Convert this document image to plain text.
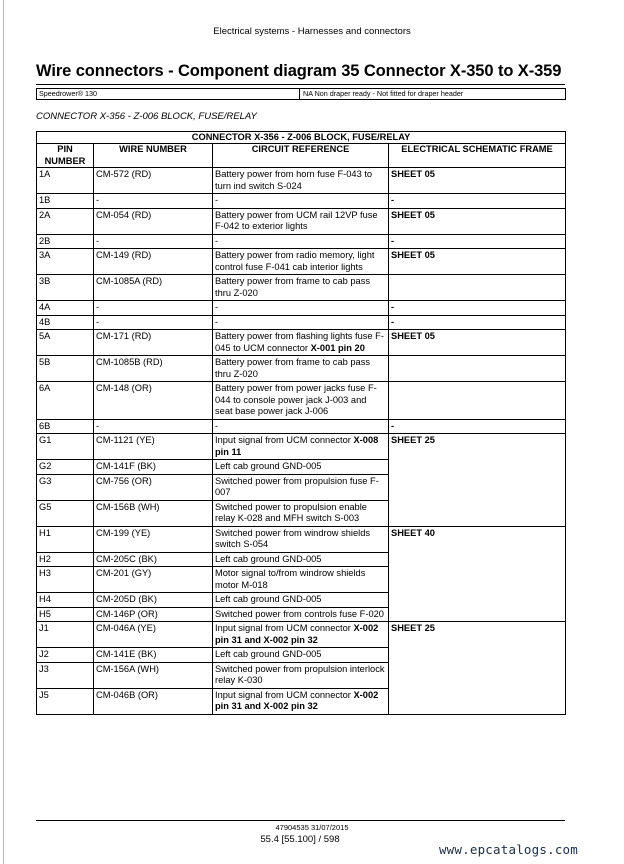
Electrical systems - Harnesses and connectors
Wire connectors - Component diagram 35 Connector X-350 to X-359
Speedrower® 130	NA Non draper ready - Not fitted for draper header
CONNECTOR X-356 - Z-006 BLOCK, FUSE/RELAY
CONNECTOR X-356 - Z-006 BLOCK, FUSE/RELAY			
PIN NUMBER	WIRE NUMBER	CIRCUIT REFERENCE	ELECTRICAL SCHEMATIC FRAME
1A	CM-572 (RD)	Battery power from horn fuse F-043 to turn ind switch S-024	SHEET 05
1B	-	-	-
2A	CM-054 (RD)	Battery power from UCM rail 12VP fuse F-042 to exterior lights	SHEET 05
2B	-	-	-
3A	CM-149 (RD)	Battery power from radio memory, light control fuse F-041 cab interior lights	SHEET 05
3B	CM-1085A (RD)	Battery power from frame to cab pass thru Z-020	
4A	-	-	-
4B	-	-	-
5A	CM-171 (RD)	Battery power from flashing lights fuse F-045 to UCM connector X-001 pin 20	SHEET 05
5B	CM-1085B (RD)	Battery power from frame to cab pass thru Z-020	
6A	CM-148 (OR)	Battery power from power jacks fuse F-044 to console power jack J-003 and seat base power jack J-006	
6B	-	-	-
G1	CM-1121 (YE)	Input signal from UCM connector X-008 pin 11	SHEET 25
G2	CM-141F (BK)	Left cab ground GND-005	
G3	CM-756 (OR)	Switched power from propulsion fuse F-007	
G5	CM-156B (WH)	Switched power to propulsion enable relay K-028 and MFH switch S-003	
H1	CM-199 (YE)	Switched power from windrow shields switch S-054	SHEET 40
H2	CM-205C (BK)	Left cab ground GND-005	
H3	CM-201 (GY)	Motor signal to/from windrow shields motor M-018	
H4	CM-205D (BK)	Left cab ground GND-005	
H5	CM-146P (OR)	Switched power from controls fuse F-020	
J1	CM-046A (YE)	Input signal from UCM connector X-002 pin 31 and X-002 pin 32	SHEET 25
J2	CM-141E (BK)	Left cab ground GND-005	
J3	CM-156A (WH)	Switched power from propulsion interlock relay K-030	
J5	CM-046B (OR)	Input signal from UCM connector X-002 pin 31 and X-002 pin 32	
47904535 31/07/2015
55.4 [55.100] / 598
www.epcatalogs.com
